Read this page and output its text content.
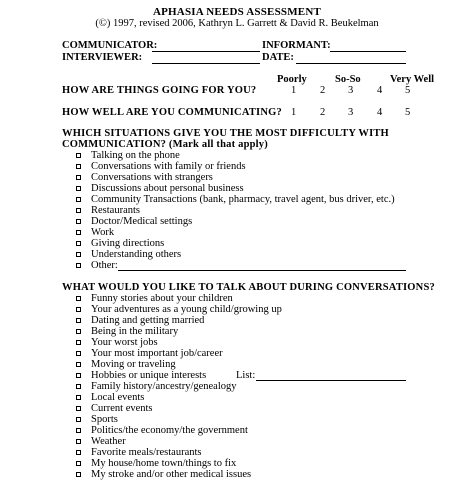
APHASIA NEEDS ASSESSMENT
(©) 1997, revised 2006, Kathryn L. Garrett & David R. Beukelman
COMMUNICATOR:	INFORMANT:
INTERVIEWER:	DATE:
Poorly	So-So	Very Well
HOW ARE THINGS GOING FOR YOU?	1 2 3 4 5
HOW WELL ARE YOU COMMUNICATING? 1 2 3 4 5
WHICH SITUATIONS GIVE YOU THE MOST DIFFICULTY WITH
COMMUNICATION? (Mark all that apply)
Talking on the phone
Conversations with family or friends
Conversations with strangers
Discussions about personal business
Community Transactions (bank, pharmacy, travel agent, bus driver, etc.)
Restaurants
Doctor/Medical settings
Work
Giving directions
Understanding others
Other:
WHAT WOULD YOU LIKE TO TALK ABOUT DURING CONVERSATIONS?
Funny stories about your children
Your adventures as a young child/growing up
Dating and getting married
Being in the military
Your worst jobs
Your most important job/career
Moving or traveling
Hobbies or unique interests	List:
Family history/ancestry/genealogy
Local events
Current events
Sports
Politics/the economy/the government
Weather
Favorite meals/restaurants
My house/home town/things to fix
My stroke and/or other medical issues
